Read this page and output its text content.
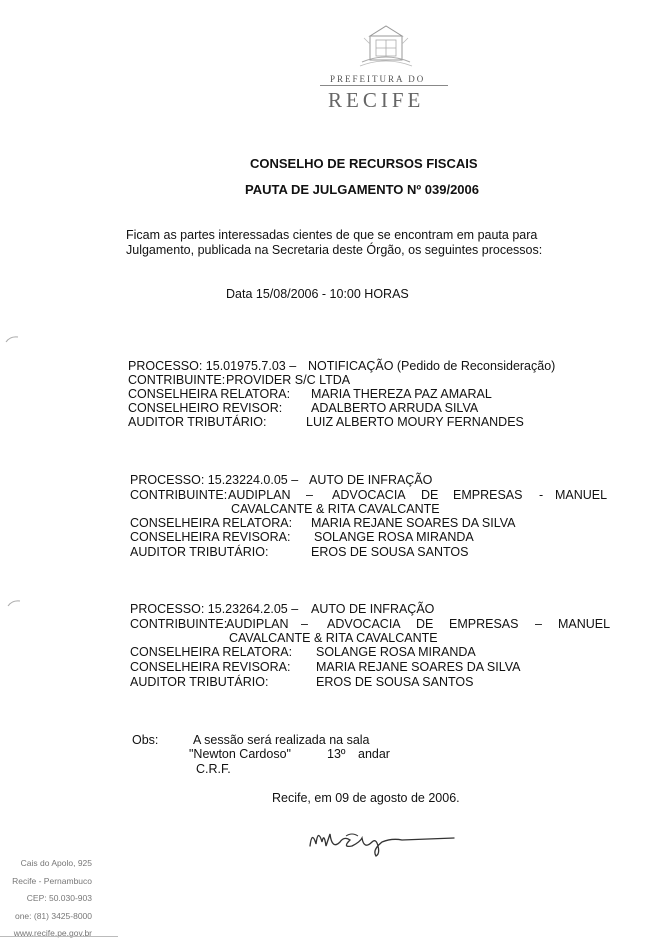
PREFEITURA DO
RECIFE
CONSELHO DE RECURSOS FISCAIS
PAUTA DE JULGAMENTO Nº 039/2006
Ficam as partes interessadas cientes de que se encontram em pauta para
Julgamento, publicada na Secretaria deste Órgão, os seguintes processos:
Data 15/08/2006 - 10:00 HORAS
PROCESSO: 15.01975.7.03 – NOTIFICAÇÃO (Pedido de Reconsideração)
CONTRIBUINTE: PROVIDER S/C LTDA
CONSELHEIRA RELATORA: MARIA THEREZA PAZ AMARAL
CONSELHEIRO REVISOR: ADALBERTO ARRUDA SILVA
AUDITOR TRIBUTÁRIO:	LUIZ ALBERTO MOURY FERNANDES
PROCESSO: 15.23224.0.05 – AUTO DE INFRAÇÃO
CONTRIBUINTE: AUDIPLAN – ADVOCACIA DE EMPRESAS - MANUEL
CAVALCANTE & RITA CAVALCANTE
CONSELHEIRA RELATORA: MARIA REJANE SOARES DA SILVA
CONSELHEIRA REVISORA: SOLANGE ROSA MIRANDA
AUDITOR TRIBUTÁRIO:	EROS DE SOUSA SANTOS
PROCESSO: 15.23264.2.05 – AUTO DE INFRAÇÃO
CONTRIBUINTE:
AUDIPLAN – ADVOCACIA DE EMPRESAS – MANUEL
CAVALCANTE & RITA CAVALCANTE
CONSELHEIRA RELATORA: SOLANGE ROSA MIRANDA
CONSELHEIRA REVISORA: MARIA REJANE SOARES DA SILVA
AUDITOR TRIBUTÁRIO:	EROS DE SOUSA SANTOS
Obs:	A sessão será realizada na sala
"Newton Cardoso"	13º andar
C.R.F.
Recife, em 09 de agosto de 2006.
Cais do Apolo, 925
Recife - Pernambuco
CEP: 50.030-903
one: (81) 3425-8000
www.recife.pe.gov.br
